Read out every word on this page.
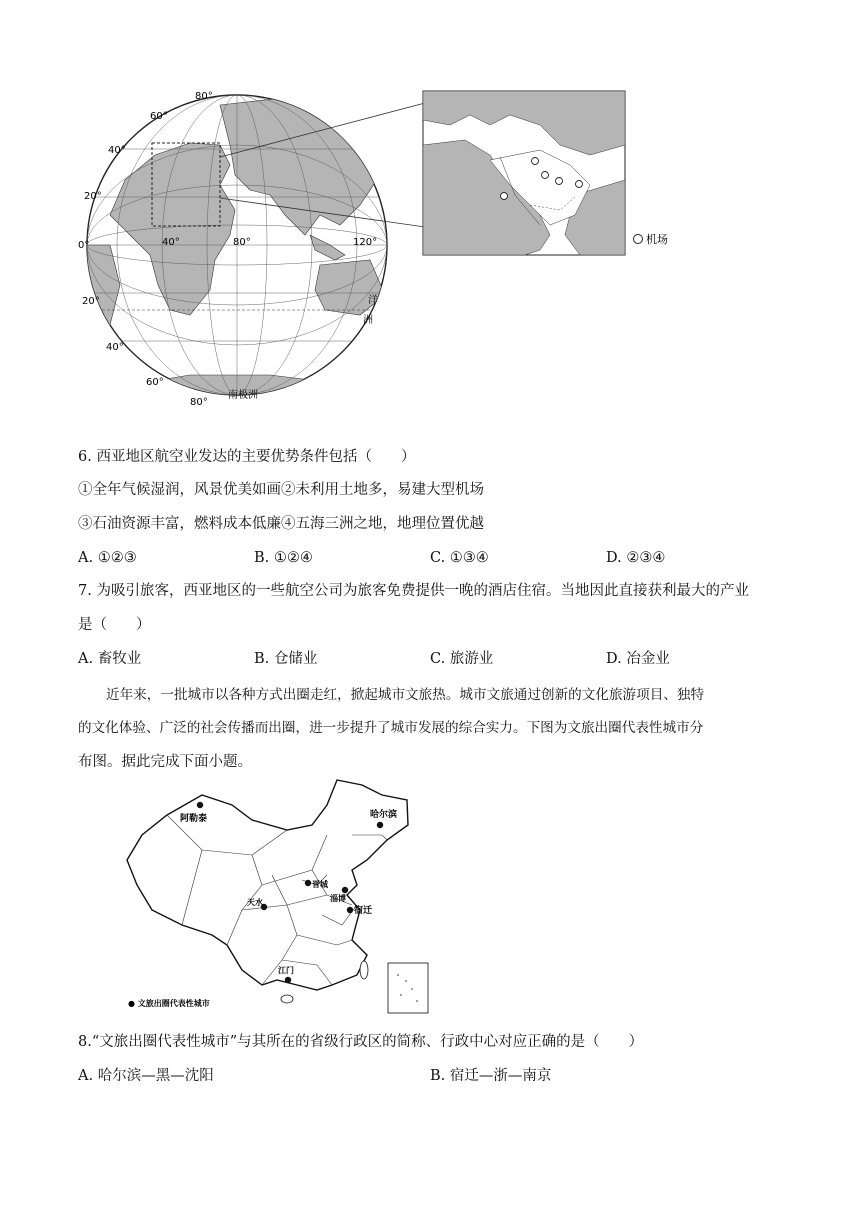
80°
60°
40°
20°
0°
20°
40°
60°
80°
40°	80°	120°
南极洲
洋
洲
机场
6. 西亚地区航空业发达的主要优势条件包括（　　）
①全年气候湿润，风景优美如画②未利用土地多，易建大型机场
③石油资源丰富，燃料成本低廉④五海三洲之地，地理位置优越
A. ①②③	B. ①②④	C. ①③④	D. ②③④
7. 为吸引旅客，西亚地区的一些航空公司为旅客免费提供一晚的酒店住宿。当地因此直接获利最大的产业
是（　　）
A. 畜牧业	B. 仓储业	C. 旅游业	D. 冶金业
近年来，一批城市以各种方式出圈走红，掀起城市文旅热。城市文旅通过创新的文化旅游项目、独特
的文化体验、广泛的社会传播而出圈，进一步提升了城市发展的综合实力。下图为文旅出圈代表性城市分
布图。据此完成下面小题。
阿勒泰	哈尔滨
晋城
天水	淄博
宿迁
江门
● 文旅出圈代表性城市
8.“文旅出圈代表性城市”与其所在的省级行政区的简称、行政中心对应正确的是（　　）
A. 哈尔滨—黑—沈阳	B. 宿迁—浙—南京
